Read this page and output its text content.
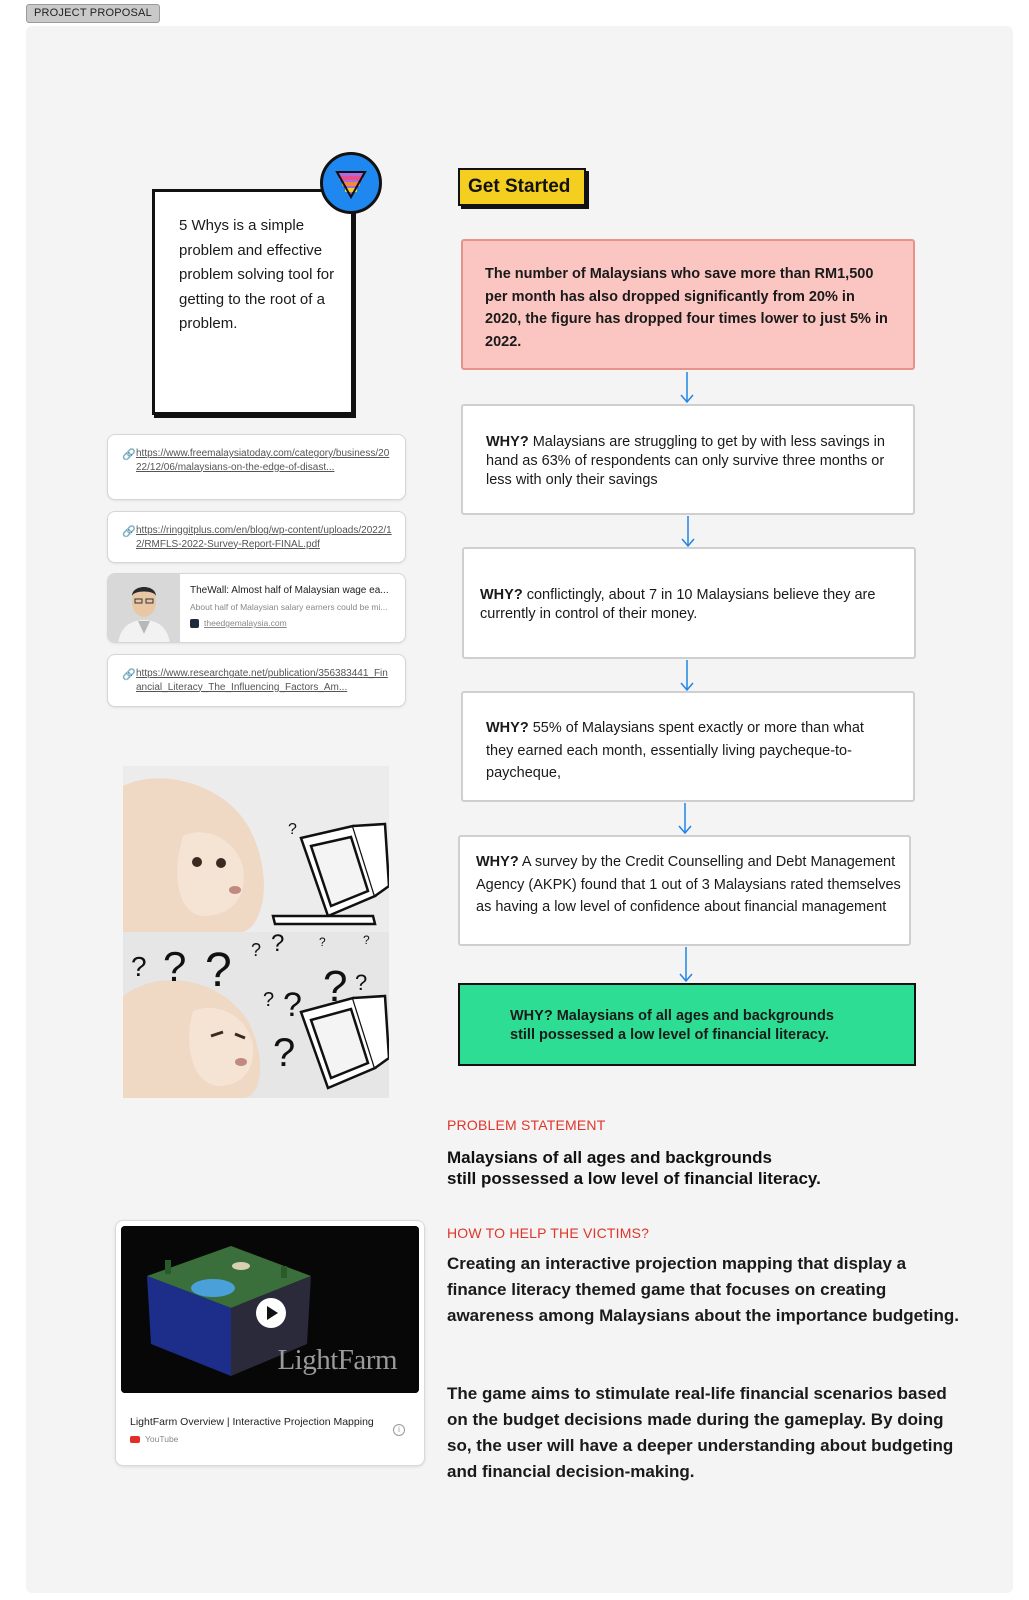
PROJECT PROPOSAL
5 Whys is a simple problem and effective problem solving tool for getting to the root of a problem.
🔗 https://www.freemalaysiatoday.com/category/business/2022/12/06/malaysians-on-the-edge-of-disast...
🔗 https://ringgitplus.com/en/blog/wp-content/uploads/2022/12/RMFLS-2022-Survey-Report-FINAL.pdf
TheWall: Almost half of Malaysian wage ea...
About half of Malaysian salary earners could be mi...
theedgemalaysia.com
🔗 https://www.researchgate.net/publication/356383441_Financial_Literacy_The_Influencing_Factors_Am...
?
? ? ? ? ?
? ? ? ?
?
?	?
Get Started
The number of Malaysians who save more than RM1,500 per month has also dropped significantly from 20% in 2020, the figure has dropped four times lower to just 5% in 2022.
WHY? Malaysians are struggling to get by with less savings in hand as 63% of respondents can only survive three months or less with only their savings
WHY? conflictingly, about 7 in 10 Malaysians believe they are currently in control of their money.
WHY? 55% of Malaysians spent exactly or more than what they earned each month, essentially living paycheque-to-paycheque,
WHY? A survey by the Credit Counselling and Debt Management Agency (AKPK) found that 1 out of 3 Malaysians rated themselves as having a low level of confidence about financial management
WHY? Malaysians of all ages and backgrounds still possessed a low level of financial literacy.
PROBLEM STATEMENT
Malaysians of all ages and backgrounds
still possessed a low level of financial literacy.
HOW TO HELP THE VICTIMS?
Creating an interactive projection mapping that display a finance literacy themed game that focuses on creating awareness among Malaysians about the importance budgeting.
The game aims to stimulate real-life financial scenarios based on the budget decisions made during the gameplay. By doing so, the user will have a deeper understanding about budgeting and financial decision-making.
LightFarm
LightFarm Overview | Interactive Projection Mapping
i
YouTube
